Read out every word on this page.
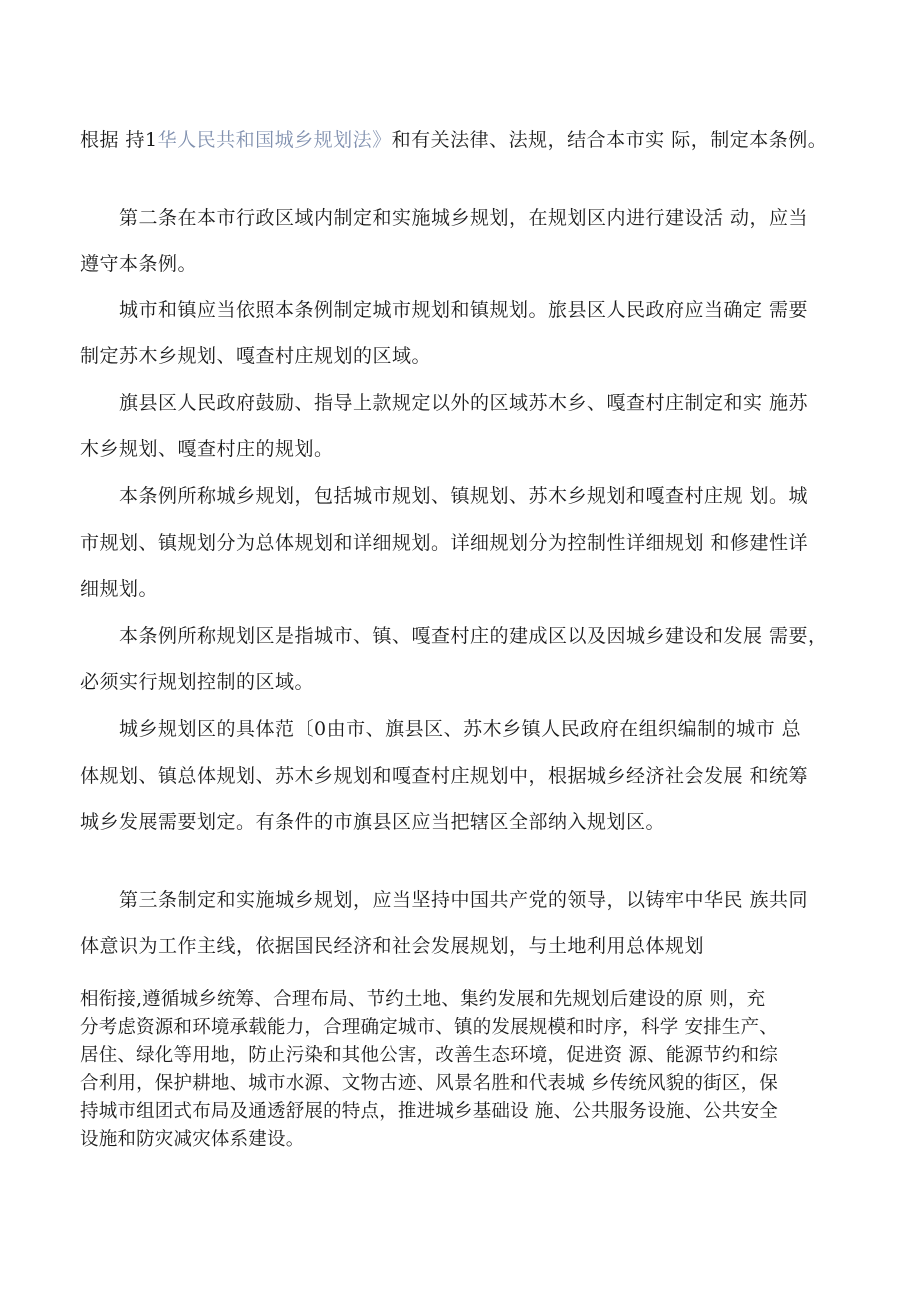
根据 持1华人民共和国城乡规划法》和有关法律、法规，结合本市实 际，制定本条例。

第二条在本市行政区域内制定和实施城乡规划，在规划区内进行建设活 动，应当

遵守本条例。

城市和镇应当依照本条例制定城市规划和镇规划。旅县区人民政府应当确定 需要

制定苏木乡规划、嘎查村庄规划的区域。

旗县区人民政府鼓励、指导上款规定以外的区域苏木乡、嘎查村庄制定和实 施苏

木乡规划、嘎查村庄的规划。

本条例所称城乡规划，包括城市规划、镇规划、苏木乡规划和嘎查村庄规 划。城

市规划、镇规划分为总体规划和详细规划。详细规划分为控制性详细规划 和修建性详

细规划。

本条例所称规划区是指城市、镇、嘎查村庄的建成区以及因城乡建设和发展 需要，

必须实行规划控制的区域。

城乡规划区的具体范〔0由市、旗县区、苏木乡镇人民政府在组织编制的城市 总

体规划、镇总体规划、苏木乡规划和嘎查村庄规划中，根据城乡经济社会发展 和统筹

城乡发展需要划定。有条件的市旗县区应当把辖区全部纳入规划区。

第三条制定和实施城乡规划，应当坚持中国共产党的领导，以铸牢中华民 族共同

体意识为工作主线，依据国民经济和社会发展规划，与土地利用总体规划

相衔接,遵循城乡统筹、合理布局、节约土地、集约发展和先规划后建设的原 则，充

分考虑资源和环境承载能力，合理确定城市、镇的发展规模和时序，科学 安排生产、

居住、绿化等用地，防止污染和其他公害，改善生态环境，促进资 源、能源节约和综

合利用，保护耕地、城市水源、文物古迹、风景名胜和代表城 乡传统风貌的街区，保

持城市组团式布局及通透舒展的特点，推进城乡基础设 施、公共服务设施、公共安全

设施和防灾减灾体系建设。
